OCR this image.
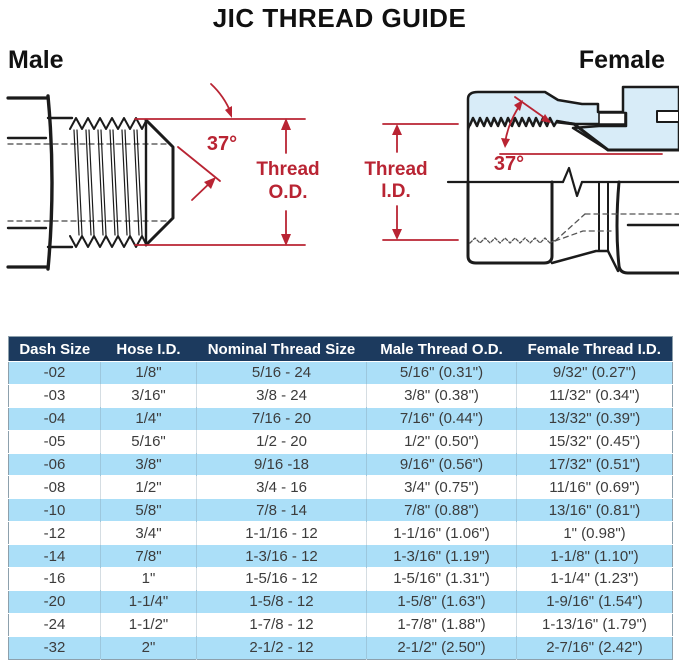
JIC THREAD GUIDE
Male	Female
37°
Thread
O.D.
Thread
I.D.
37°
Dash Size	Hose I.D.	Nominal Thread Size	Male Thread O.D.	Female Thread I.D.
-02	1/8"	5/16 - 24	5/16" (0.31")	9/32" (0.27")
-03	3/16"	3/8 - 24	3/8" (0.38")	11/32" (0.34")
-04	1/4"	7/16 - 20	7/16" (0.44")	13/32" (0.39")
-05	5/16"	1/2 - 20	1/2" (0.50")	15/32" (0.45")
-06	3/8"	9/16 -18	9/16" (0.56")	17/32" (0.51")
-08	1/2"	3/4 - 16	3/4" (0.75")	11/16" (0.69")
-10	5/8"	7/8 - 14	7/8" (0.88")	13/16" (0.81")
-12	3/4"	1-1/16 - 12	1-1/16" (1.06")	1" (0.98")
-14	7/8"	1-3/16 - 12	1-3/16" (1.19")	1-1/8" (1.10")
-16	1"	1-5/16 - 12	1-5/16" (1.31")	1-1/4" (1.23")
-20	1-1/4"	1-5/8 - 12	1-5/8" (1.63")	1-9/16" (1.54")
-24	1-1/2"	1-7/8 - 12	1-7/8" (1.88")	1-13/16" (1.79")
-32	2"	2-1/2 - 12	2-1/2" (2.50")	2-7/16" (2.42")
